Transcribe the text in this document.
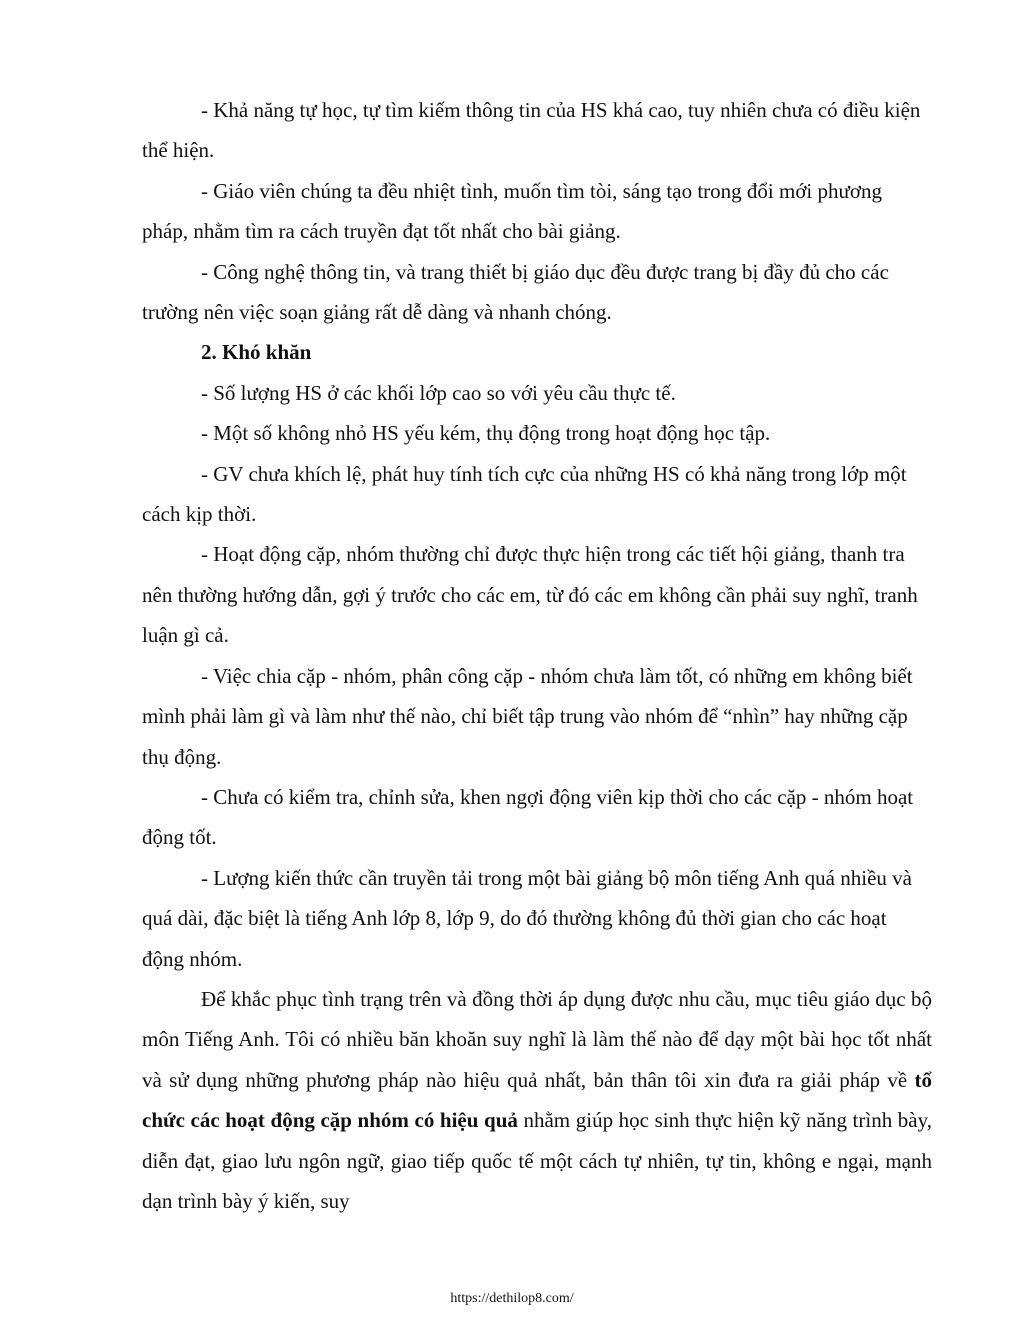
- Khả năng tự học, tự tìm kiếm thông tin của HS khá cao, tuy nhiên chưa có điều kiện thể hiện.

- Giáo viên chúng ta đều nhiệt tình, muốn tìm tòi, sáng tạo trong đổi mới phương pháp, nhằm tìm ra cách truyền đạt tốt nhất cho bài giảng.

- Công nghệ thông tin, và trang thiết bị giáo dục đều được trang bị đầy đủ cho các trường nên việc soạn giảng rất dễ dàng và nhanh chóng.

2. Khó khăn

- Số lượng HS ở các khối lớp cao so với yêu cầu thực tế.

- Một số không nhỏ HS yếu kém, thụ động trong hoạt động học tập.

- GV chưa khích lệ, phát huy tính tích cực của những HS có khả năng trong lớp một cách kịp thời.

- Hoạt động cặp, nhóm thường chỉ được thực hiện trong các tiết hội giảng, thanh tra nên thường hướng dẫn, gợi ý trước cho các em, từ đó các em không cần phải suy nghĩ, tranh luận gì cả.

- Việc chia cặp - nhóm, phân công cặp - nhóm chưa làm tốt, có những em không biết mình phải làm gì và làm như thế nào, chỉ biết tập trung vào nhóm để “nhìn” hay những cặp thụ động.

- Chưa có kiểm tra, chỉnh sửa, khen ngợi động viên kịp thời cho các cặp - nhóm hoạt động tốt.

- Lượng kiến thức cần truyền tải trong một bài giảng bộ môn tiếng Anh quá nhiều và quá dài, đặc biệt là tiếng Anh lớp 8, lớp 9, do đó thường không đủ thời gian cho các hoạt động nhóm.

Để khắc phục tình trạng trên và đồng thời áp dụng được nhu cầu, mục tiêu giáo dục bộ môn Tiếng Anh. Tôi có nhiều băn khoăn suy nghĩ là làm thế nào để dạy một bài học tốt nhất và sử dụng những phương pháp nào hiệu quả nhất, bản thân tôi xin đưa ra giải pháp về tổ chức các hoạt động cặp nhóm có hiệu quả nhằm giúp học sinh thực hiện kỹ năng trình bày, diễn đạt, giao lưu ngôn ngữ, giao tiếp quốc tế một cách tự nhiên, tự tin, không e ngại, mạnh dạn trình bày ý kiến, suy

https://dethilop8.com/
